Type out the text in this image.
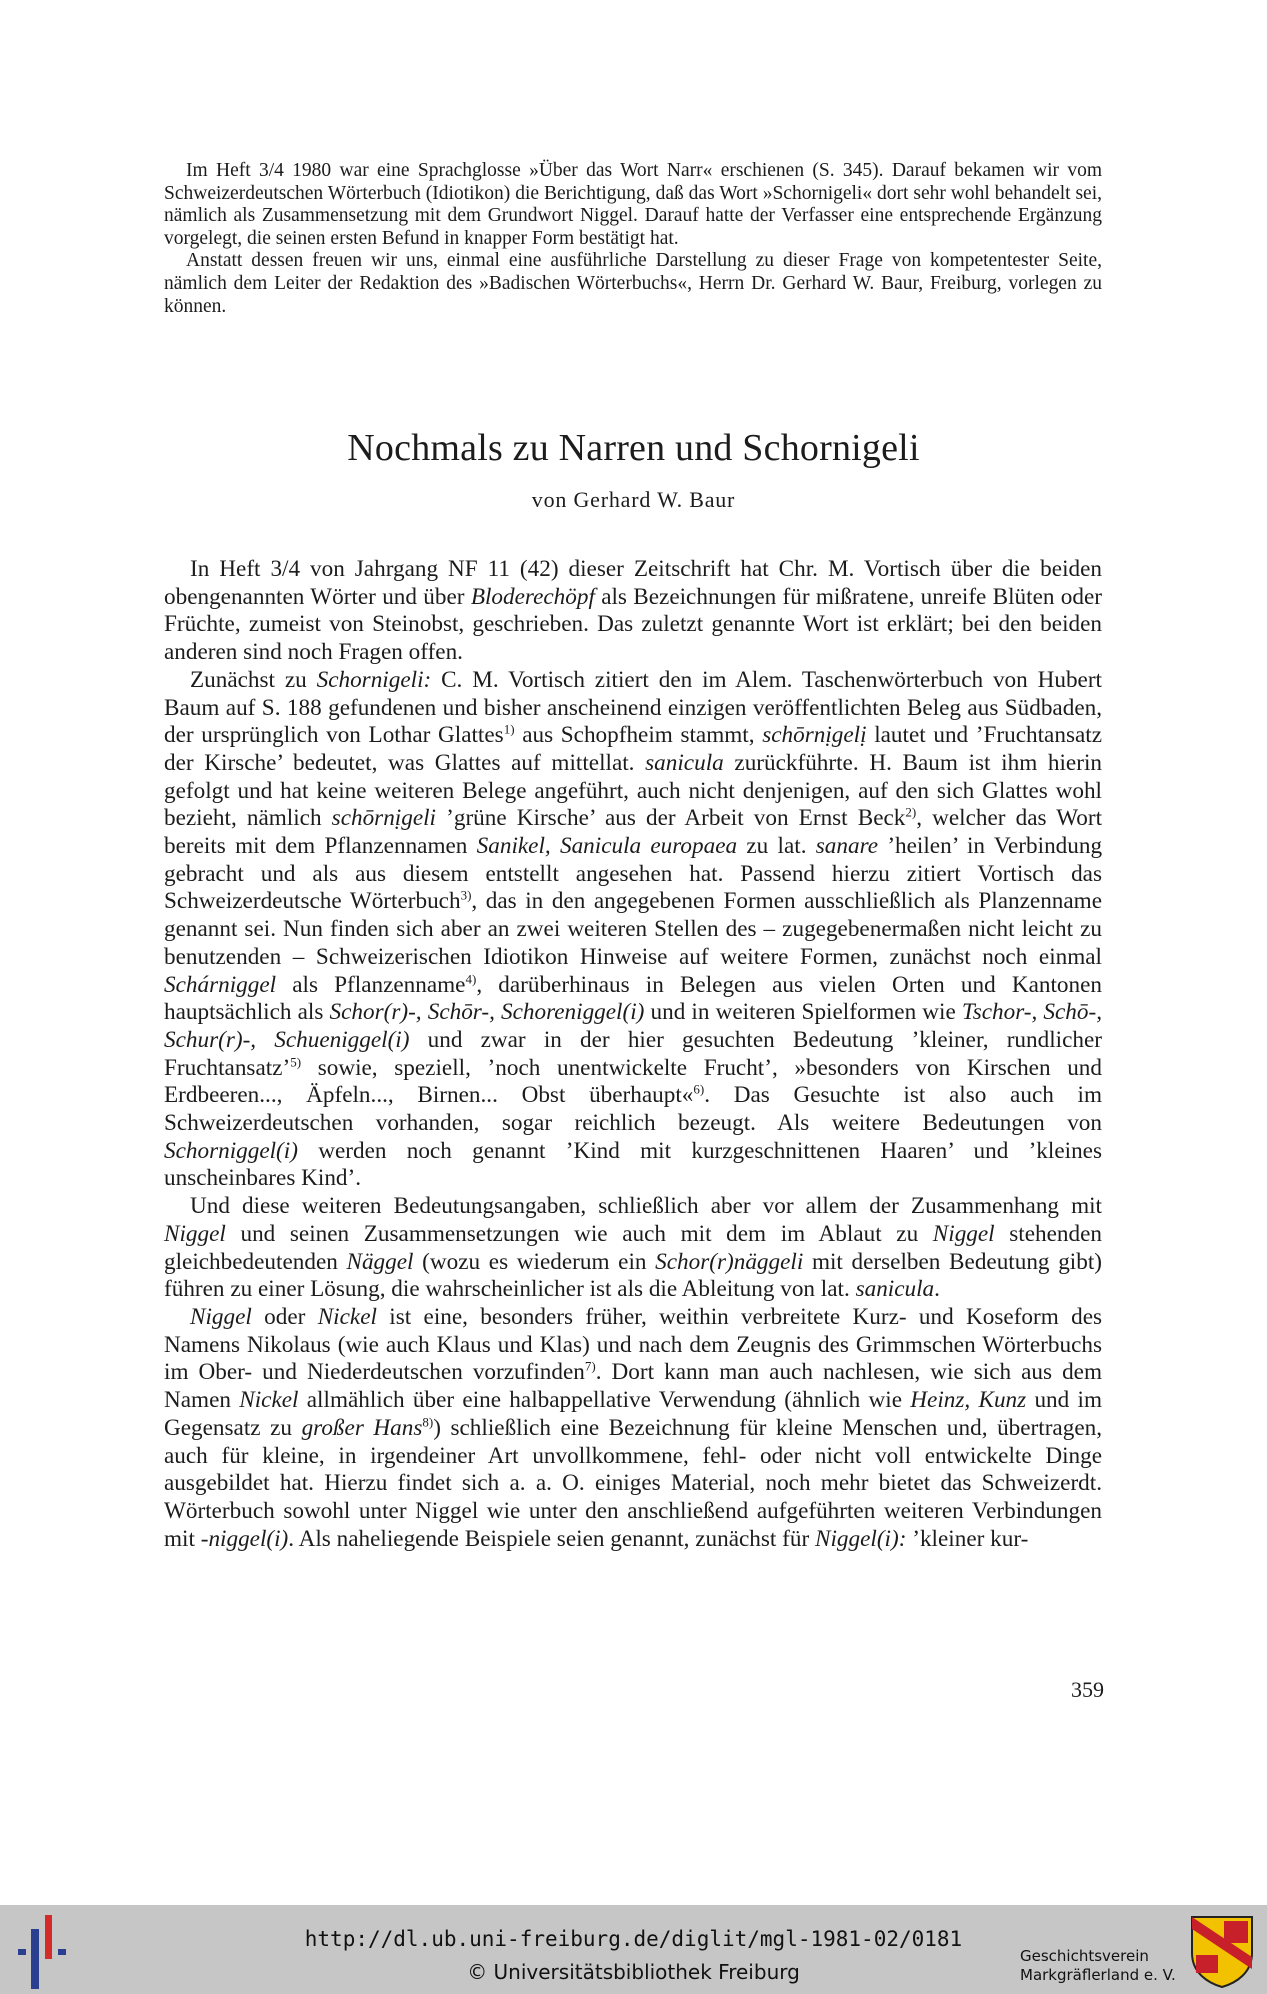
Im Heft 3/4 1980 war eine Sprachglosse »Über das Wort Narr« erschienen (S. 345). Darauf bekamen wir vom Schweizerdeutschen Wörterbuch (Idiotikon) die Berichtigung, daß das Wort »Schornigeli« dort sehr wohl behandelt sei, nämlich als Zusammensetzung mit dem Grundwort Niggel. Darauf hatte der Verfasser eine entsprechende Ergänzung vorgelegt, die seinen ersten Befund in knapper Form bestätigt hat.

Anstatt dessen freuen wir uns, einmal eine ausführliche Darstellung zu dieser Frage von kompetentester Seite, nämlich dem Leiter der Redaktion des »Badischen Wörterbuchs«, Herrn Dr. Gerhard W. Baur, Freiburg, vorlegen zu können.

Nochmals zu Narren und Schornigeli
von Gerhard W. Baur

In Heft 3/4 von Jahrgang NF 11 (42) dieser Zeitschrift hat Chr. M. Vortisch über die beiden obengenannten Wörter und über Bloderechöpf als Bezeichnungen für mißratene, unreife Blüten oder Früchte, zumeist von Steinobst, geschrieben. Das zuletzt genannte Wort ist erklärt; bei den beiden anderen sind noch Fragen offen.

Zunächst zu Schornigeli: C. M. Vortisch zitiert den im Alem. Taschenwörterbuch von Hubert Baum auf S. 188 gefundenen und bisher anscheinend einzigen veröffentlichten Beleg aus Südbaden, der ursprünglich von Lothar Glattes$^{1)}$ aus Schopfheim stammt, schōrnịgelị lautet und ’Fruchtansatz der Kirsche’ bedeutet, was Glattes auf mittellat. sanicula zurückführte. H. Baum ist ihm hierin gefolgt und hat keine weiteren Belege angeführt, auch nicht denjenigen, auf den sich Glattes wohl bezieht, nämlich schōrnịgeli ’grüne Kirsche’ aus der Arbeit von Ernst Beck$^{2)}$, welcher das Wort bereits mit dem Pflanzennamen Sanikel, Sanicula europaea zu lat. sanare ’heilen’ in Verbindung gebracht und als aus diesem entstellt angesehen hat. Passend hierzu zitiert Vortisch das Schweizerdeutsche Wörterbuch$^{3)}$, das in den angegebenen Formen ausschließlich als Planzenname genannt sei. Nun finden sich aber an zwei weiteren Stellen des – zugegebenermaßen nicht leicht zu benutzenden – Schweizerischen Idiotikon Hinweise auf weitere Formen, zunächst noch einmal Schárniggel als Pflanzenname$^{4)}$, darüberhinaus in Belegen aus vielen Orten und Kantonen hauptsächlich als Schor(r)-, Schōr-, Schoreniggel(i) und in weiteren Spielformen wie Tschor-, Schō-, Schur(r)-, Schueniggel(i) und zwar in der hier gesuchten Bedeutung ’kleiner, rundlicher Fruchtansatz’$^{5)}$ sowie, speziell, ’noch unentwickelte Frucht’, »besonders von Kirschen und Erdbeeren..., Äpfeln..., Birnen... Obst überhaupt«$^{6)}$. Das Gesuchte ist also auch im Schweizerdeutschen vorhanden, sogar reichlich bezeugt. Als weitere Bedeutungen von Schorniggel(i) werden noch genannt ’Kind mit kurzgeschnittenen Haaren’ und ’kleines unscheinbares Kind’.

Und diese weiteren Bedeutungsangaben, schließlich aber vor allem der Zusammenhang mit Niggel und seinen Zusammensetzungen wie auch mit dem im Ablaut zu Niggel stehenden gleichbedeutenden Näggel (wozu es wiederum ein Schor(r)näggeli mit derselben Bedeutung gibt) führen zu einer Lösung, die wahrscheinlicher ist als die Ableitung von lat. sanicula.

Niggel oder Nickel ist eine, besonders früher, weithin verbreitete Kurz- und Koseform des Namens Nikolaus (wie auch Klaus und Klas) und nach dem Zeugnis des Grimmschen Wörterbuchs im Ober- und Niederdeutschen vorzufinden$^{7)}$. Dort kann man auch nachlesen, wie sich aus dem Namen Nickel allmählich über eine halbappellative Verwendung (ähnlich wie Heinz, Kunz und im Gegensatz zu großer Hans$^{8)}$) schließlich eine Bezeichnung für kleine Menschen und, übertragen, auch für kleine, in irgendeiner Art unvollkommene, fehl- oder nicht voll entwickelte Dinge ausgebildet hat. Hierzu findet sich a. a. O. einiges Material, noch mehr bietet das Schweizerdt. Wörterbuch sowohl unter Niggel wie unter den anschließend aufgeführten weiteren Verbindungen mit -niggel(i). Als naheliegende Beispiele seien genannt, zunächst für Niggel(i): ’kleiner kur-

359
http://dl.ub.uni-freiburg.de/diglit/mgl-1981-02/0181
© Universitätsbibliothek Freiburg
Geschichtsverein
Markgräflerland e. V.
